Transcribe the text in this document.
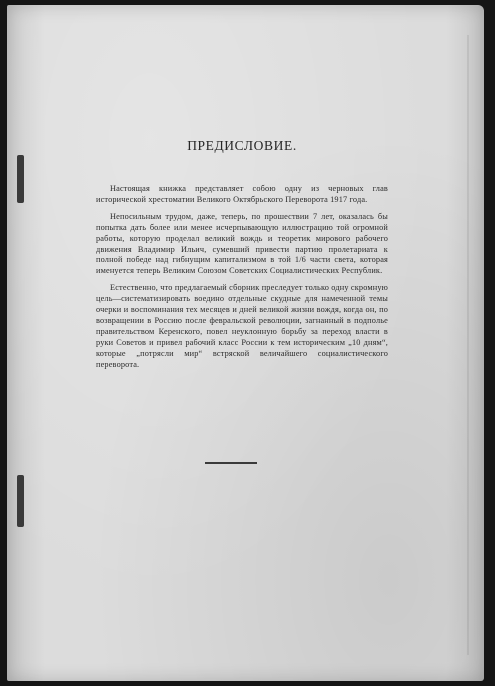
ПРЕДИСЛОВИЕ.

Настоящая книжка представляет собою одну из черновых глав исторической хрестоматии Великого Октябрьского Переворота 1917 года.

Непосильным трудом, даже, теперь, по прошествии 7 лет, оказалась бы попытка дать более или менее исчерпывающую иллюстрацию той огромной работы, которую проделал великий вождь и теоретик мирового рабочего движения Владимир Ильич, сумевший привести партию пролетариата к полной победе над гибнущим капитализмом в той 1/6 части света, которая именуется теперь Великим Союзом Советских Социалистических Республик.

Естественно, что предлагаемый сборник преследует только одну скромную цель—систематизировать воедино отдельные скудные для намеченной темы очерки и воспоминания тех месяцев и дней великой жизни вождя, когда он, по возвращении в Россию после февральской революции, загнанный в подполье правительством Керенского, повел неуклонную борьбу за переход власти в руки Советов и привел рабочий класс России к тем историческим „10 дням“, которые „потрясли мир“ встряской величайшего социалистического переворота.
